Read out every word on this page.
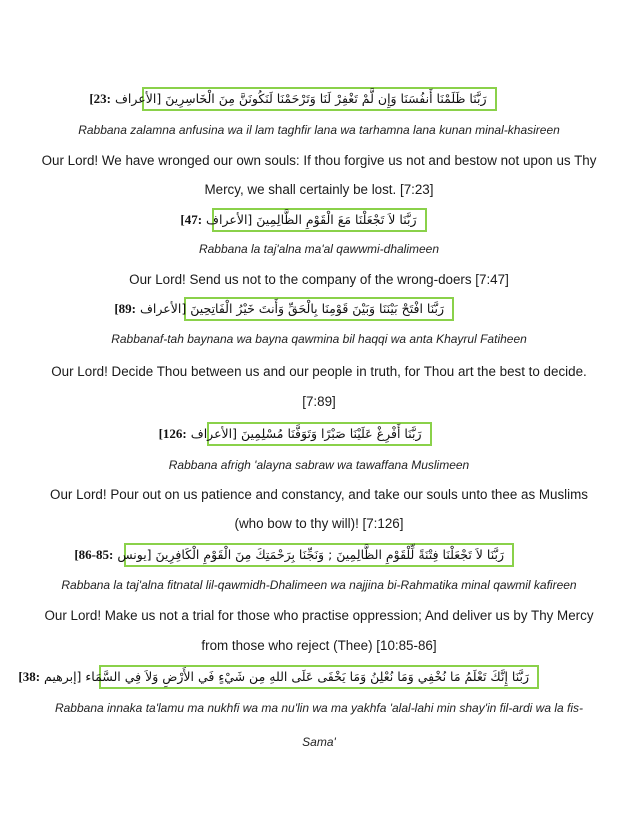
رَبَّنَا ظَلَمْنَا أَنفُسَنَا وَإِن لَّمْ تَغْفِرْ لَنَا وَتَرْحَمْنَا لَنَكُونَنَّ مِنَ الْخَاسِرِينَ [الأعراف [23:
Rabbana zalamna anfusina wa il lam taghfir lana wa tarhamna lana kunan minal-khasireen
Our Lord! We have wronged our own souls: If thou forgive us not and bestow not upon us Thy
Mercy, we shall certainly be lost. [7:23]
رَبَّنَا لاَ تَجْعَلْنَا مَعَ الْقَوْمِ الظَّالِمِينَ [الأعراف [47:
Rabbana la taj'alna ma'al qawwmi-dhalimeen
Our Lord! Send us not to the company of the wrong-doers [7:47]
رَبَّنَا افْتَحْ بَيْنَنَا وَبَيْنَ قَوْمِنَا بِالْحَقِّ وَأَنتَ خَيْرُ الْفَاتِحِينَ [الأعراف [89:
Rabbanaf-tah baynana wa bayna qawmina bil haqqi wa anta Khayrul Fatiheen
Our Lord! Decide Thou between us and our people in truth, for Thou art the best to decide.
[7:89]
رَبَّنَا أَفْرِغْ عَلَيْنَا صَبْرًا وَتَوَفَّنَا مُسْلِمِينَ [الأعراف [126:
Rabbana afrigh 'alayna sabraw wa tawaffana Muslimeen
Our Lord! Pour out on us patience and constancy, and take our souls unto thee as Muslims
(who bow to thy will)! [7:126]
رَبَّنَا لاَ تَجْعَلْنَا فِتْنَةً لِّلْقَوْمِ الظَّالِمِينَ ; وَنَجِّنَا بِرَحْمَتِكَ مِنَ الْقَوْمِ الْكَافِرِينَ [يونس [86-85:
Rabbana la taj'alna fitnatal lil-qawmidh-Dhalimeen wa najjina bi-Rahmatika minal qawmil kafireen
Our Lord! Make us not a trial for those who practise oppression; And deliver us by Thy Mercy
from those who reject (Thee) [10:85-86]
رَبَّنَا إِنَّكَ تَعْلَمُ مَا نُخْفِي وَمَا نُعْلِنُ وَمَا يَخْفَى عَلَى اللهِ مِن شَيْءٍ فَي الأَرْضِ وَلاَ فِي السَّمَاء [إبرهيم [38:
Rabbana innaka ta'lamu ma nukhfi wa ma nu'lin wa ma yakhfa 'alal-lahi min shay'in fil-ardi wa la fis-
Sama'
